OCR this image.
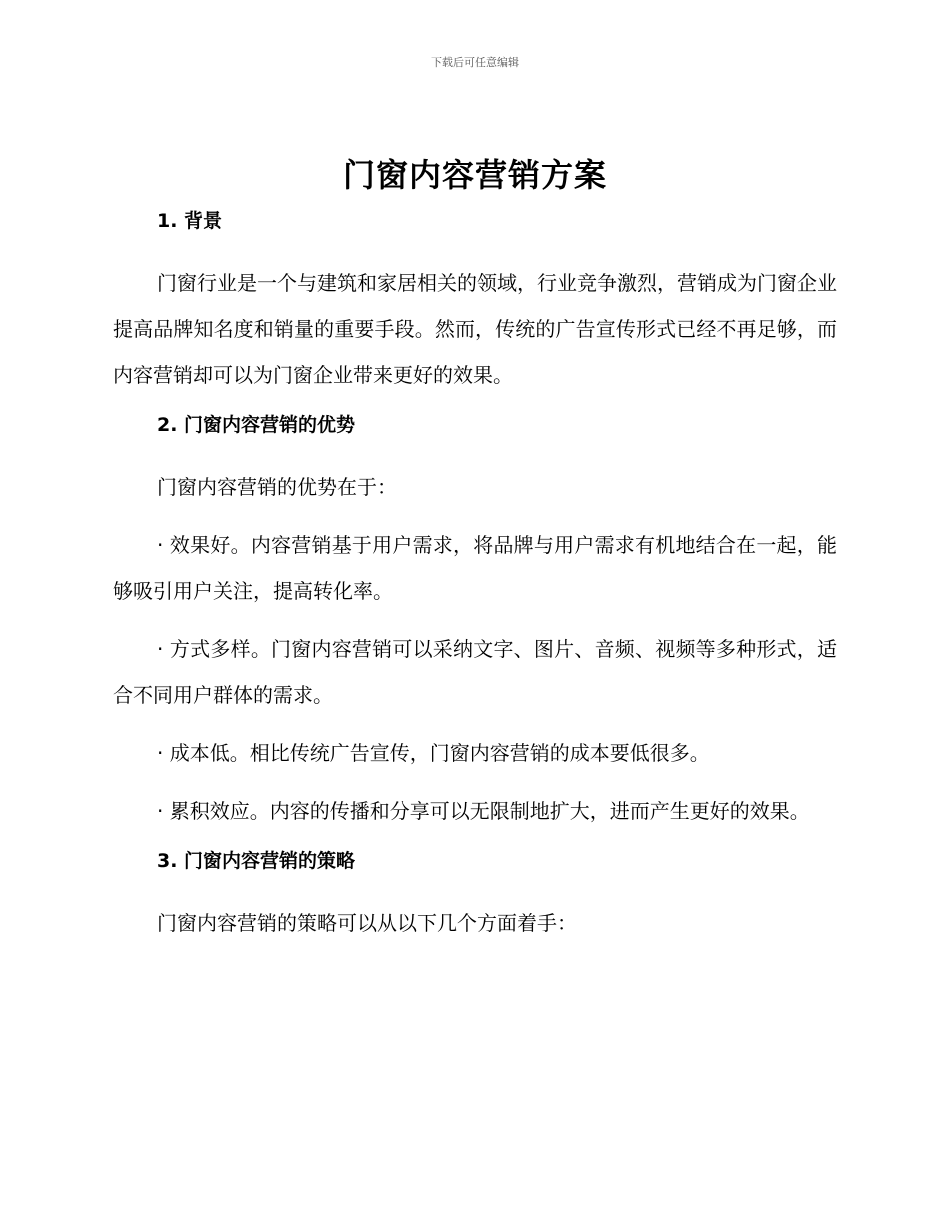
下载后可任意编辑
门窗内容营销方案
1. 背景

门窗行业是一个与建筑和家居相关的领域，行业竞争激烈，营销成为门窗企业提高品牌知名度和销量的重要手段。然而，传统的广告宣传形式已经不再足够，而内容营销却可以为门窗企业带来更好的效果。

2. 门窗内容营销的优势

门窗内容营销的优势在于：

· 效果好。内容营销基于用户需求，将品牌与用户需求有机地结合在一起，能够吸引用户关注，提高转化率。

· 方式多样。门窗内容营销可以采纳文字、图片、音频、视频等多种形式，适合不同用户群体的需求。

· 成本低。相比传统广告宣传，门窗内容营销的成本要低很多。

· 累积效应。内容的传播和分享可以无限制地扩大，进而产生更好的效果。

3. 门窗内容营销的策略

门窗内容营销的策略可以从以下几个方面着手：
